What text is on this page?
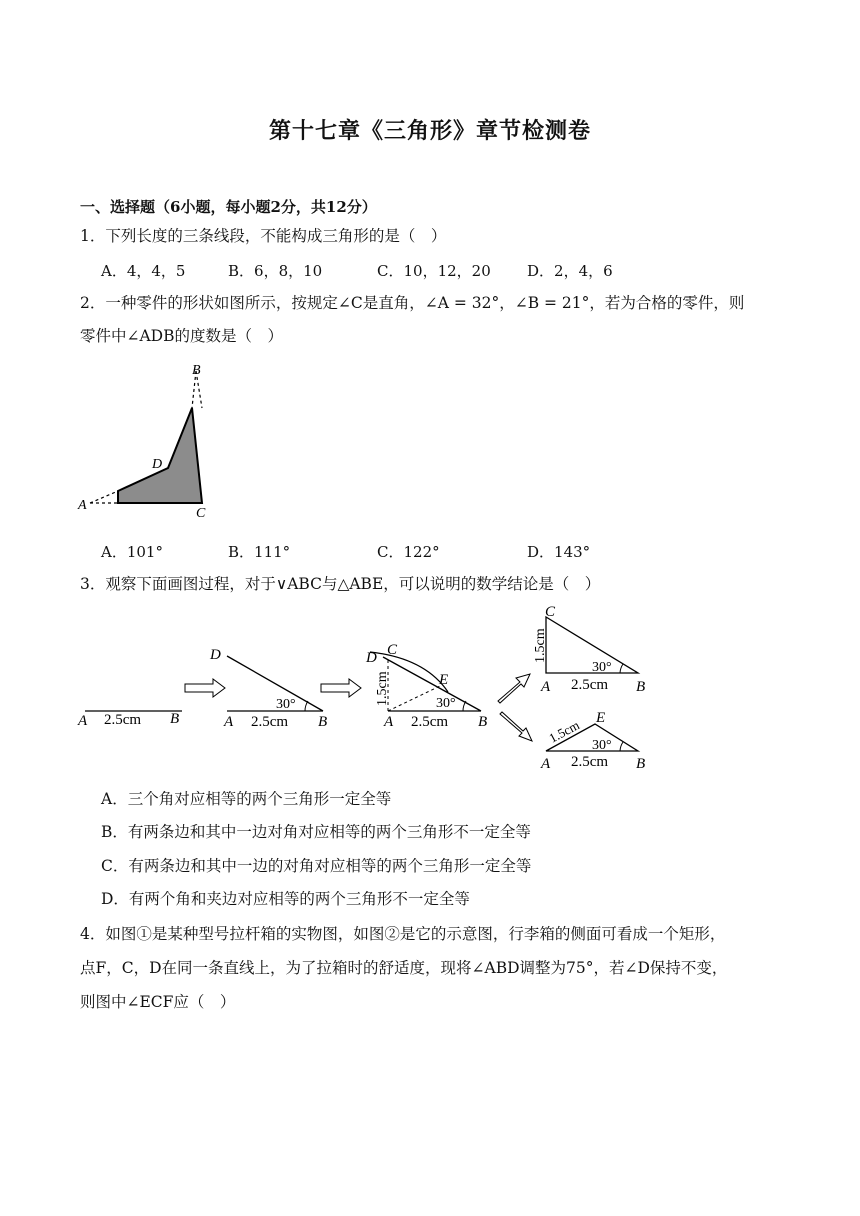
第十七章《三角形》章节检测卷
一、选择题（6小题，每小题2分，共12分）
1．下列长度的三条线段，不能构成三角形的是（　）
A．4，4，5	B．6，8，10	C．10，12，20 D．2，4，6
2．一种零件的形状如图所示，按规定∠C是直角，∠A = 32°，∠B = 21°，若为合格的零件，则
零件中∠ADB的度数是（　）
B
D
A
C
A．101°	B．111°	C．122°	D．143°
3．观察下面画图过程，对于∨ABC与△ABE，可以说明的数学结论是（　）
A 2.5cm B
D
30°
A 2.5cm B
D C
E
30°
A 2.5cm B
1.5cm
C
1.5cm
30°
A 2.5cm B
E
1.5cm 30°
A 2.5cm B
A．三个角对应相等的两个三角形一定全等
B．有两条边和其中一边对角对应相等的两个三角形不一定全等
C．有两条边和其中一边的对角对应相等的两个三角形一定全等
D．有两个角和夹边对应相等的两个三角形不一定全等
4．如图①是某种型号拉杆箱的实物图，如图②是它的示意图，行李箱的侧面可看成一个矩形，
点F，C，D在同一条直线上，为了拉箱时的舒适度，现将∠ABD调整为75°，若∠D保持不变，
则图中∠ECF应（　）
